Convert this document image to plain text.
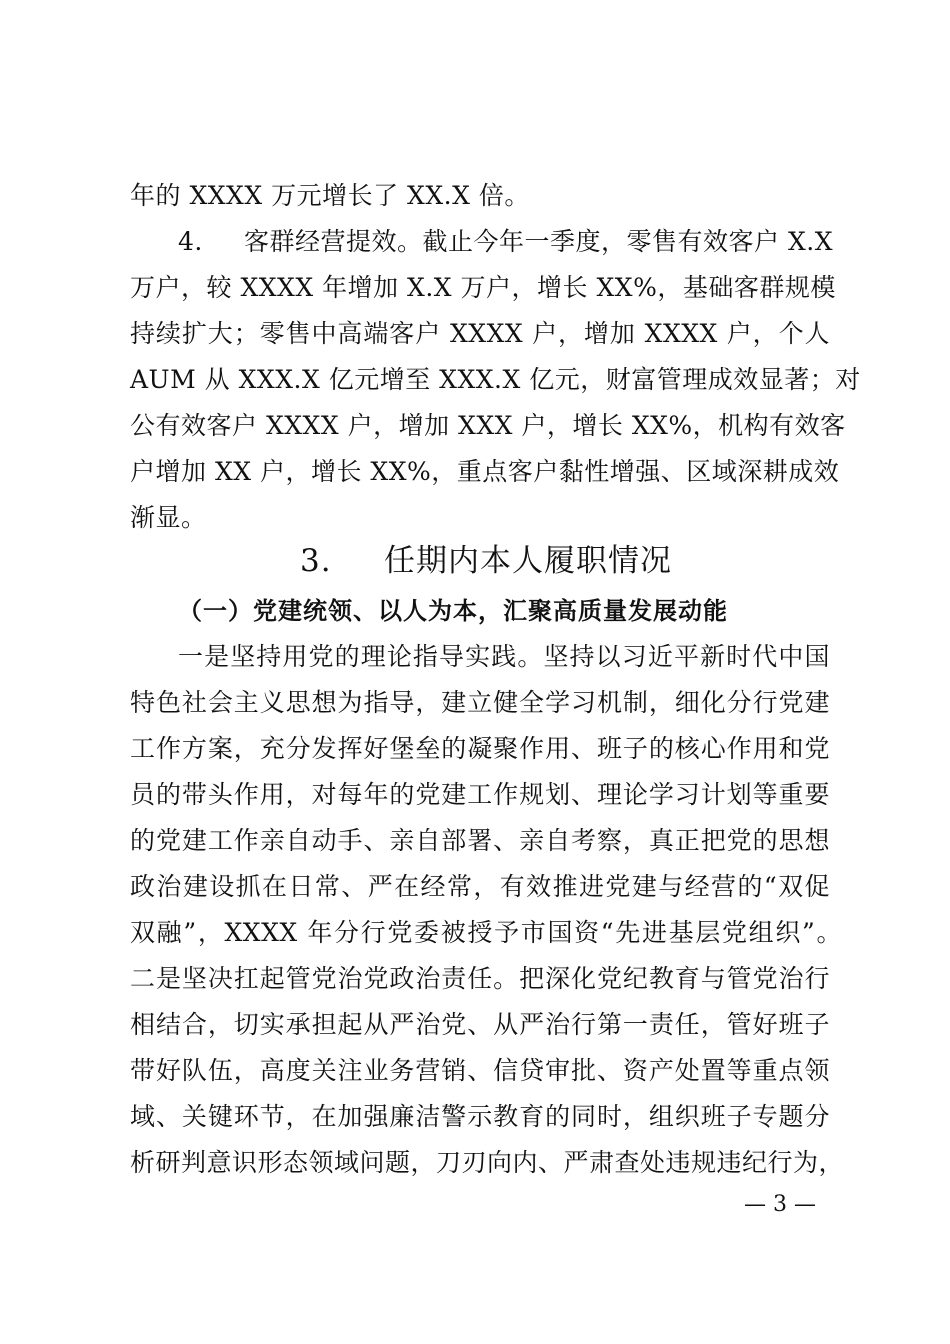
年的 XXXX 万元增长了 XX.X 倍。
4. 客群经营提效。截止今年一季度，零售有效客户 X.X
万户，较 XXXX 年增加 X.X 万户，增长 XX%，基础客群规模
持续扩大；零售中高端客户 XXXX 户，增加 XXXX 户，个人
AUM 从 XXX.X 亿元增至 XXX.X 亿元，财富管理成效显著；对
公有效客户 XXXX 户，增加 XXX 户，增长 XX%，机构有效客
户增加 XX 户，增长 XX%，重点客户黏性增强、区域深耕成效
渐显。
3. 任期内本人履职情况
（一）党建统领、以人为本，汇聚高质量发展动能
一是坚持用党的理论指导实践。坚持以习近平新时代中国
特色社会主义思想为指导，建立健全学习机制，细化分行党建
工作方案，充分发挥好堡垒的凝聚作用、班子的核心作用和党
员的带头作用，对每年的党建工作规划、理论学习计划等重要
的党建工作亲自动手、亲自部署、亲自考察，真正把党的思想
政治建设抓在日常、严在经常，有效推进党建与经营的“双促
双融”，XXXX 年分行党委被授予市国资“先进基层党组织”。
二是坚决扛起管党治党政治责任。把深化党纪教育与管党治行
相结合，切实承担起从严治党、从严治行第一责任，管好班子
带好队伍，高度关注业务营销、信贷审批、资产处置等重点领
域、关键环节，在加强廉洁警示教育的同时，组织班子专题分
析研判意识形态领域问题，刀刃向内、严肃查处违规违纪行为，
— 3 —
